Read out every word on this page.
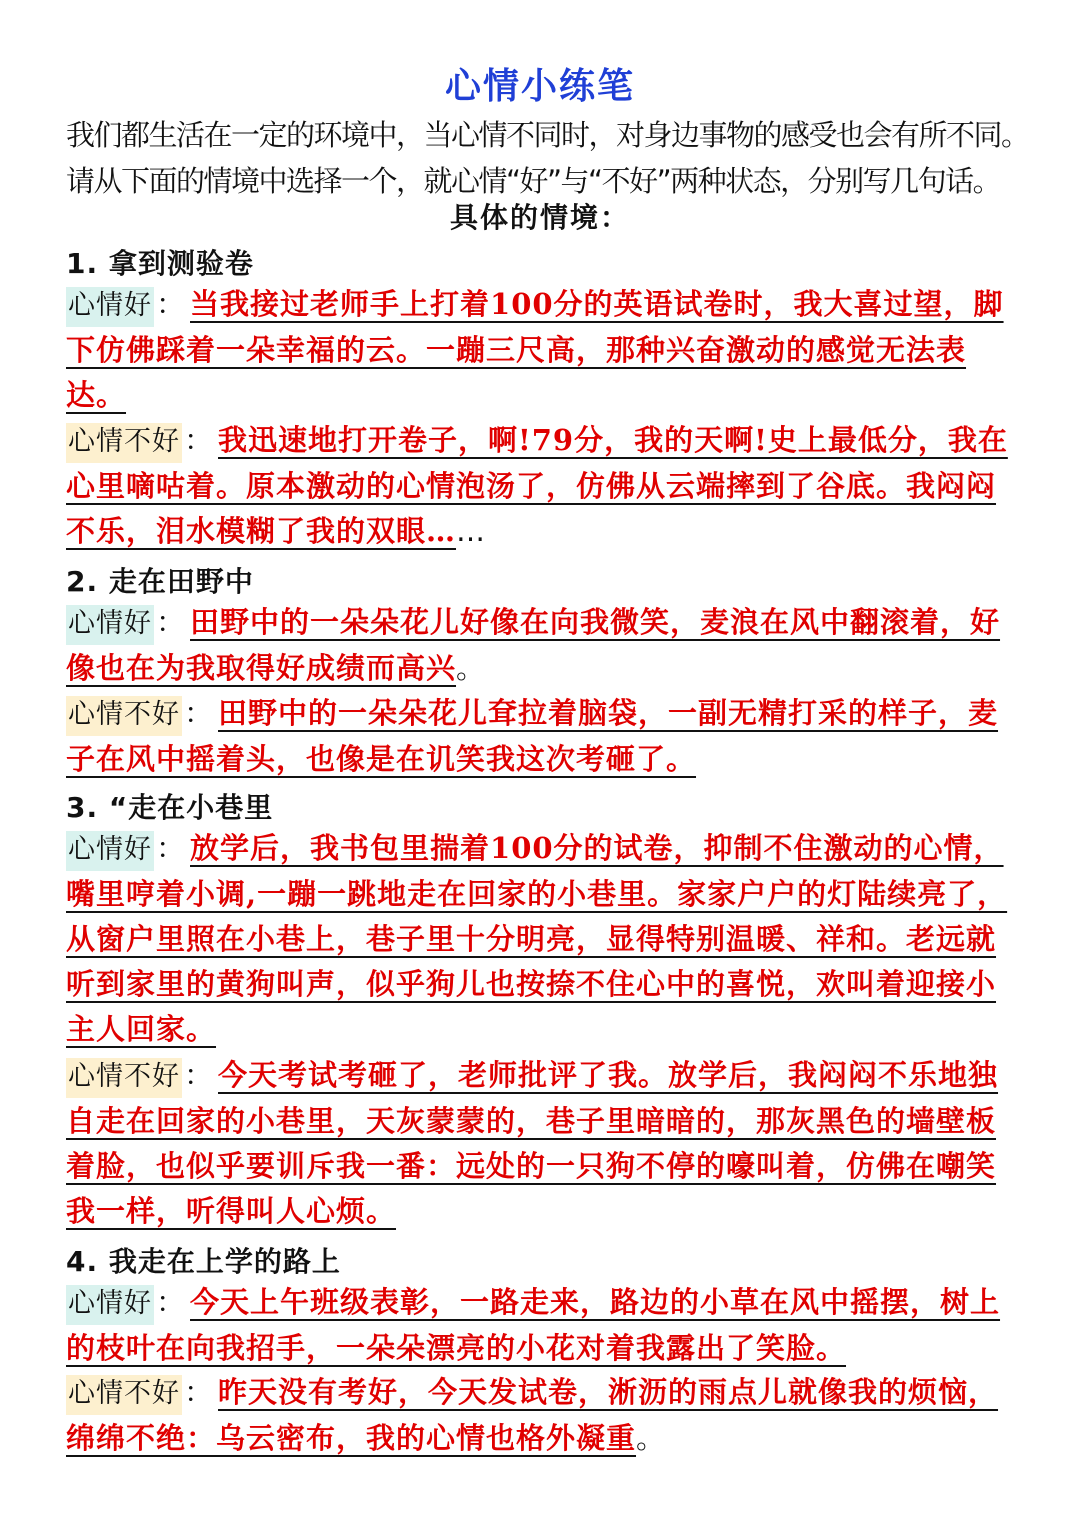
心情小练笔
我们都生活在一定的环境中，当心情不同时，对身边事物的感受也会有所不同。
请从下面的情境中选择一个，就心情“好”与“不好”两种状态，分别写几句话。
具体的情境：
1. 拿到测验卷
心情好 ： 当我接过老师手上打着100分的英语试卷时，我大喜过望，脚下仿佛踩着一朵幸福的云。一蹦三尺高，那种兴奋激动的感觉无法表达。
心情不好 ： 我迅速地打开卷子，啊!79分，我的天啊!史上最低分，我在心里嘀咕着。原本激动的心情泡汤了，仿佛从云端摔到了谷底。我闷闷不乐，泪水模糊了我的双眼……
2. 走在田野中
心情好 ： 田野中的一朵朵花儿好像在向我微笑，麦浪在风中翻滚着，好像也在为我取得好成绩而高兴。
心情不好 ： 田野中的一朵朵花儿耷拉着脑袋，一副无精打采的样子，麦子在风中摇着头，也像是在讥笑我这次考砸了。
3. “走在小巷里
心情好 ： 放学后，我书包里揣着100分的试卷，抑制不住激动的心情，嘴里哼着小调,一蹦一跳地走在回家的小巷里。家家户户的灯陆续亮了，从窗户里照在小巷上，巷子里十分明亮，显得特别温暖、祥和。老远就听到家里的黄狗叫声，似乎狗儿也按捺不住心中的喜悦，欢叫着迎接小主人回家。
心情不好 ： 今天考试考砸了，老师批评了我。放学后，我闷闷不乐地独自走在回家的小巷里，天灰蒙蒙的，巷子里暗暗的，那灰黑色的墙壁板着脸，也似乎要训斥我一番：远处的一只狗不停的嚎叫着，仿佛在嘲笑我一样，听得叫人心烦。
4. 我走在上学的路上
心情好 ： 今天上午班级表彰，一路走来，路边的小草在风中摇摆，树上的枝叶在向我招手，一朵朵漂亮的小花对着我露出了笑脸。
心情不好 ： 昨天没有考好，今天发试卷，淅沥的雨点儿就像我的烦恼，绵绵不绝：乌云密布，我的心情也格外凝重。
